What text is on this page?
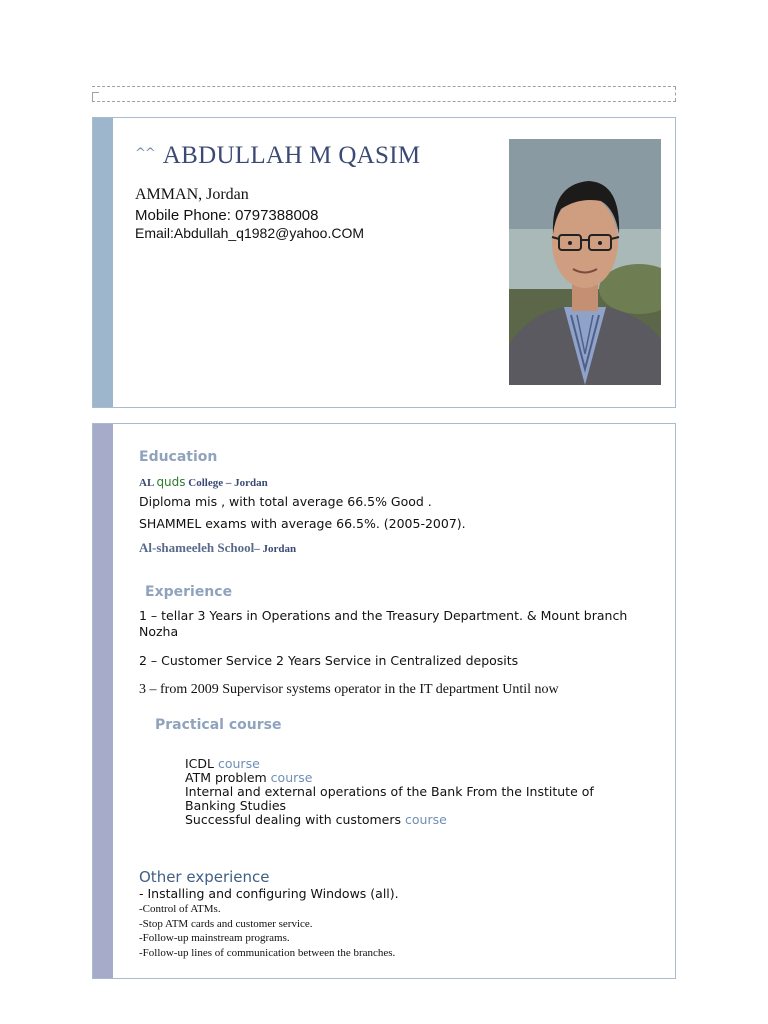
^^ ABDULLAH M QASIM
AMMAN, Jordan
Mobile Phone: 0797388008
Email:Abdullah_q1982@yahoo.COM
Education
AL quds College – Jordan
Diploma mis , with total average 66.5% Good .
SHAMMEL exams with average 66.5%. (2005-2007).
Al-shameeleh School– Jordan
Experience
1 – tellar 3 Years in Operations and the Treasury Department. & Mount branch Nozha
2 – Customer Service 2 Years Service in Centralized deposits
3 – from 2009 Supervisor systems operator in the IT department Until now
Practical course
ICDL course
ATM problem course
Internal and external operations of the Bank From the Institute of Banking Studies
Successful dealing with customers course
Other experience
- Installing and configuring Windows (all).
-Control of ATMs.
-Stop ATM cards and customer service.
-Follow-up mainstream programs.
-Follow-up lines of communication between the branches.
